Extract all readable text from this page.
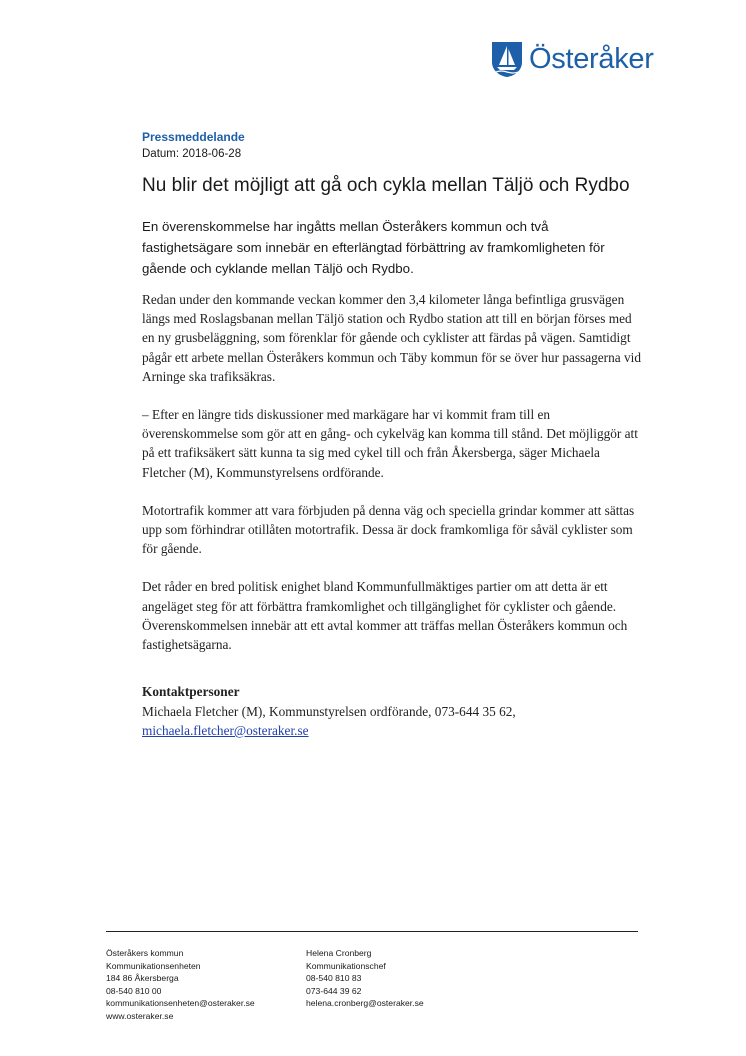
Österåker
Pressmeddelande
Datum: 2018-06-28
Nu blir det möjligt att gå och cykla mellan Täljö och Rydbo
En överenskommelse har ingåtts mellan Österåkers kommun och två fastighetsägare som innebär en efterlängtad förbättring av framkomligheten för gående och cyklande mellan Täljö och Rydbo.

Redan under den kommande veckan kommer den 3,4 kilometer långa befintliga grusvägen längs med Roslagsbanan mellan Täljö station och Rydbo station att till en början förses med en ny grusbeläggning, som förenklar för gående och cyklister att färdas på vägen. Samtidigt pågår ett arbete mellan Österåkers kommun och Täby kommun för se över hur passagerna vid Arninge ska trafiksäkras.

– Efter en längre tids diskussioner med markägare har vi kommit fram till en överenskommelse som gör att en gång- och cykelväg kan komma till stånd. Det möjliggör att på ett trafiksäkert sätt kunna ta sig med cykel till och från Åkersberga, säger Michaela Fletcher (M), Kommunstyrelsens ordförande.

Motortrafik kommer att vara förbjuden på denna väg och speciella grindar kommer att sättas upp som förhindrar otillåten motortrafik. Dessa är dock framkomliga för såväl cyklister som för gående.

Det råder en bred politisk enighet bland Kommunfullmäktiges partier om att detta är ett angeläget steg för att förbättra framkomlighet och tillgänglighet för cyklister och gående. Överenskommelsen innebär att ett avtal kommer att träffas mellan Österåkers kommun och fastighetsägarna.

Kontaktpersoner
Michaela Fletcher (M), Kommunstyrelsen ordförande, 073-644 35 62,
michaela.fletcher@osteraker.se
Österåkers kommun
Kommunikationsenheten
184 86 Åkersberga
08-540 810 00
kommunikationsenheten@osteraker.se
www.osteraker.se
Helena Cronberg
Kommunikationschef
08-540 810 83
073-644 39 62
helena.cronberg@osteraker.se
